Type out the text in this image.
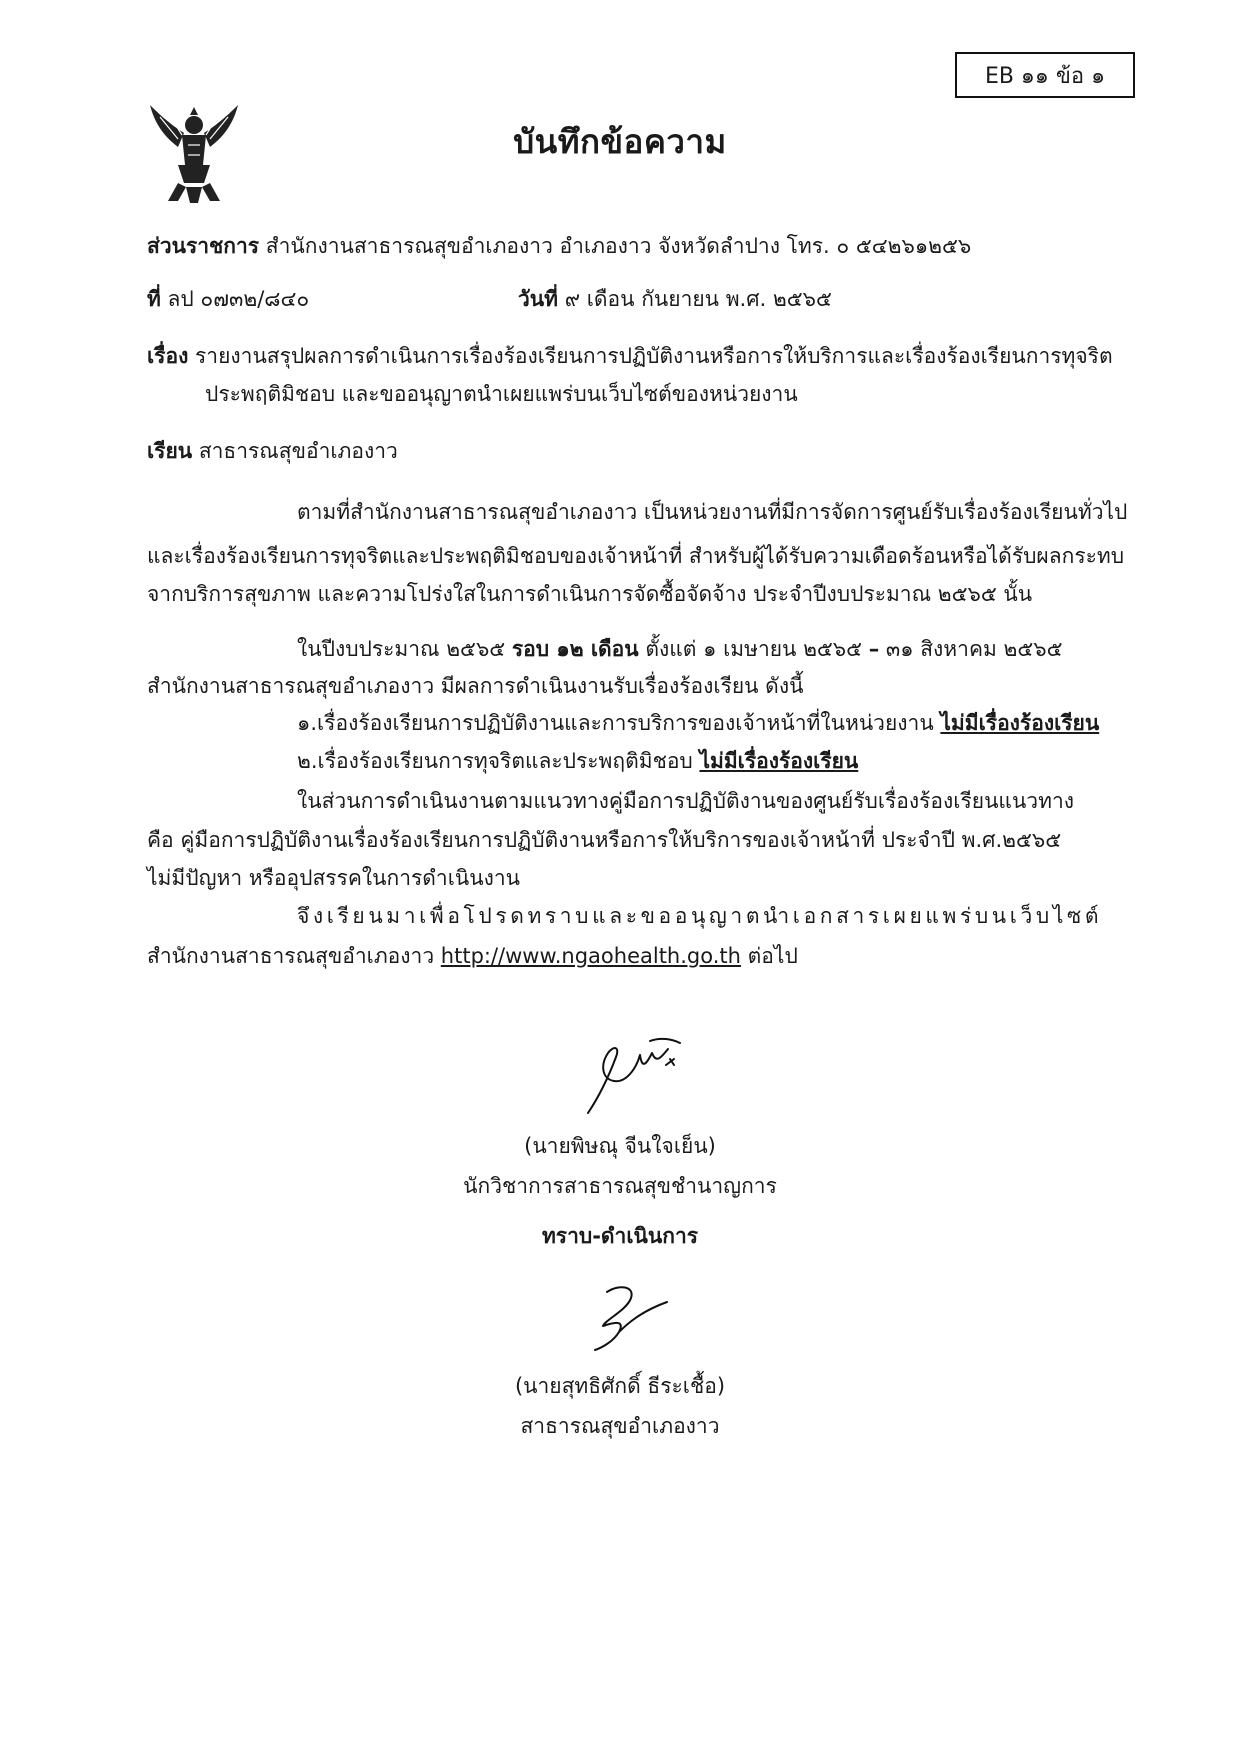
EB ๑๑ ข้อ ๑
บันทึกข้อความ
ส่วนราชการ สำนักงานสาธารณสุขอำเภองาว อำเภองาว จังหวัดลำปาง โทร. ๐ ๕๔๒๖๑๒๕๖
ที่ ลป ๐๗๓๒/๘๔๐	วันที่ ๙ เดือน กันยายน พ.ศ. ๒๕๖๕
เรื่อง รายงานสรุปผลการดำเนินการเรื่องร้องเรียนการปฏิบัติงานหรือการให้บริการและเรื่องร้องเรียนการทุจริต
ประพฤติมิชอบ และขออนุญาตนำเผยแพร่บนเว็บไซต์ของหน่วยงาน
เรียน สาธารณสุขอำเภองาว
ตามที่สำนักงานสาธารณสุขอำเภองาว เป็นหน่วยงานที่มีการจัดการศูนย์รับเรื่องร้องเรียนทั่วไป
และเรื่องร้องเรียนการทุจริตและประพฤติมิชอบของเจ้าหน้าที่ สำหรับผู้ได้รับความเดือดร้อนหรือได้รับผลกระทบ
จากบริการสุขภาพ และความโปร่งใสในการดำเนินการจัดซื้อจัดจ้าง ประจำปีงบประมาณ ๒๕๖๕ นั้น
ในปีงบประมาณ ๒๕๖๕ รอบ ๑๒ เดือน ตั้งแต่ ๑ เมษายน ๒๕๖๕ – ๓๑ สิงหาคม ๒๕๖๕
สำนักงานสาธารณสุขอำเภองาว มีผลการดำเนินงานรับเรื่องร้องเรียน ดังนี้
๑.เรื่องร้องเรียนการปฏิบัติงานและการบริการของเจ้าหน้าที่ในหน่วยงาน ไม่มีเรื่องร้องเรียน
๒.เรื่องร้องเรียนการทุจริตและประพฤติมิชอบ ไม่มีเรื่องร้องเรียน
ในส่วนการดำเนินงานตามแนวทางคู่มือการปฏิบัติงานของศูนย์รับเรื่องร้องเรียนแนวทาง
คือ คู่มือการปฏิบัติงานเรื่องร้องเรียนการปฏิบัติงานหรือการให้บริการของเจ้าหน้าที่ ประจำปี พ.ศ.๒๕๖๕
ไม่มีปัญหา หรืออุปสรรคในการดำเนินงาน
จึงเรียนมาเพื่อโปรดทราบและขออนุญาตนำเอกสารเผยแพร่บนเว็บไซต์
สำนักงานสาธารณสุขอำเภองาว http://www.ngaohealth.go.th ต่อไป
(นายพิษณุ จีนใจเย็น)
นักวิชาการสาธารณสุขชำนาญการ
ทราบ-ดำเนินการ
(นายสุทธิศักดิ์ ธีระเชื้อ)
สาธารณสุขอำเภองาว
